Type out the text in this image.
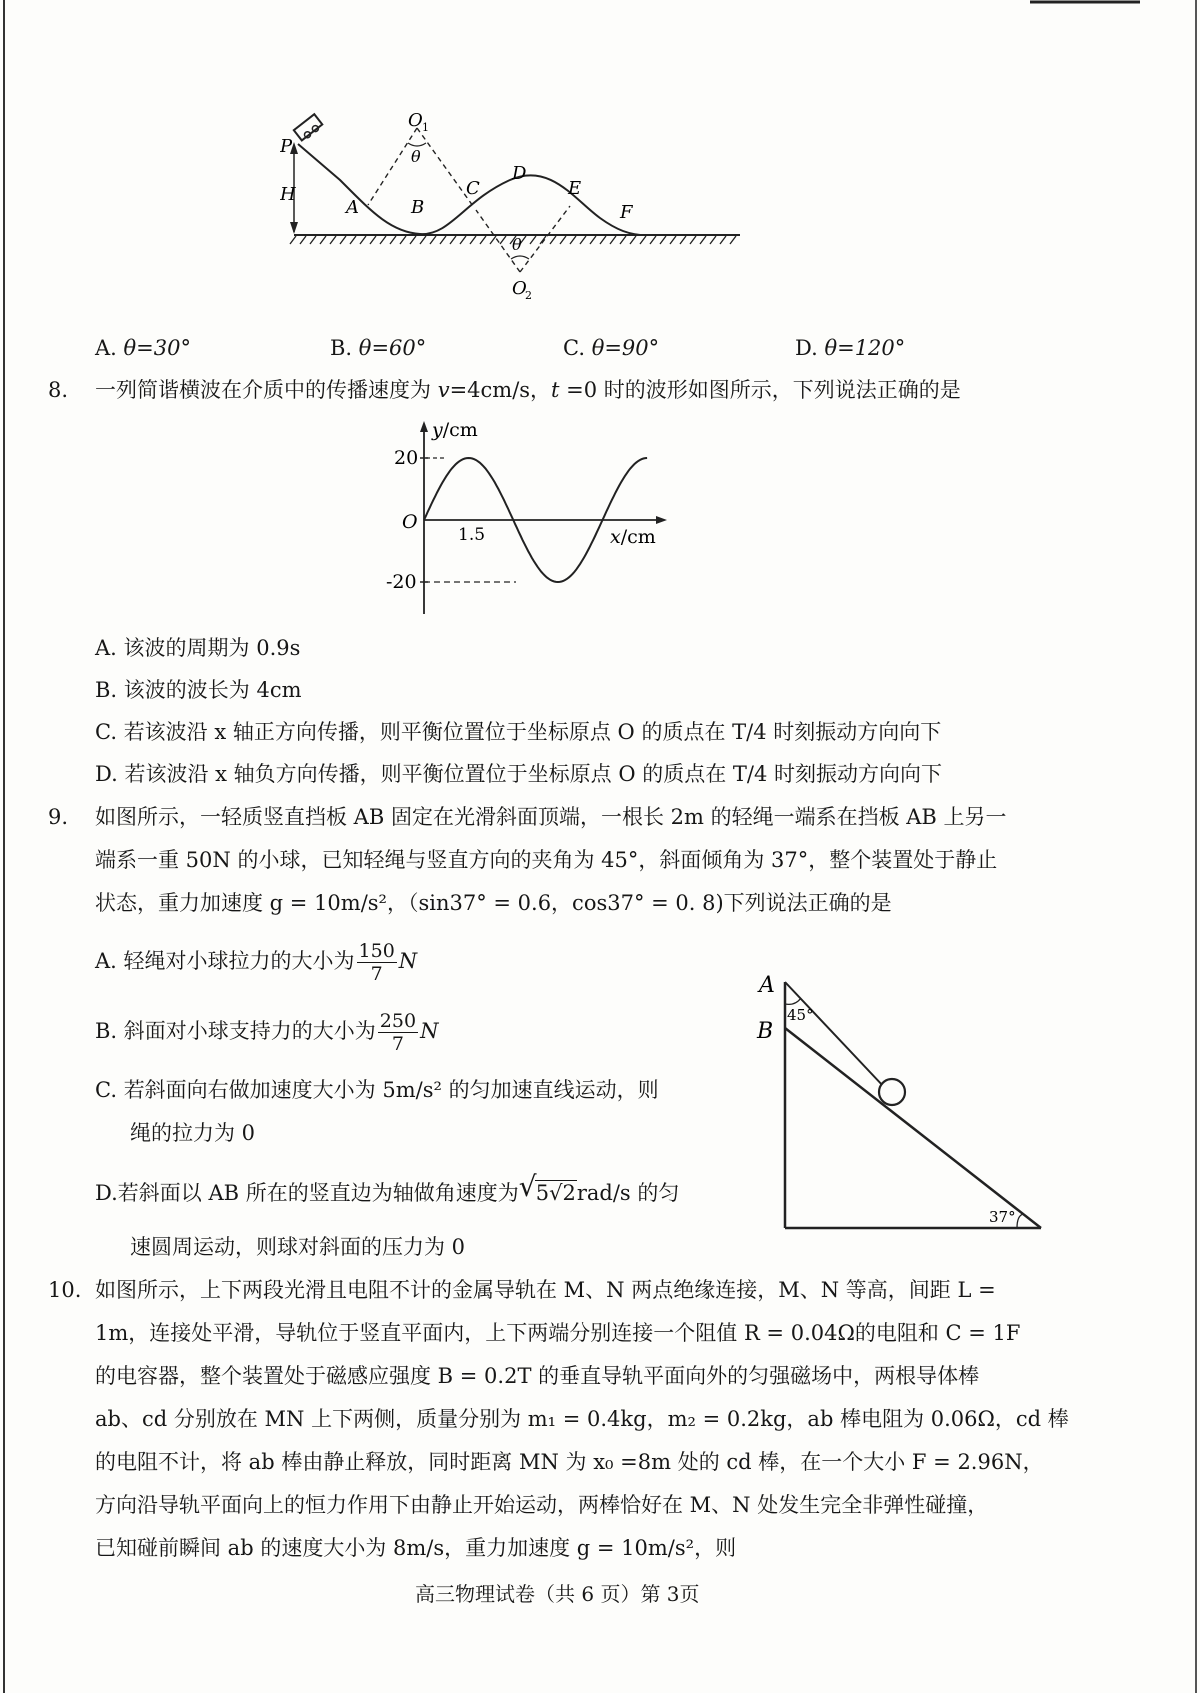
P
H
A	B
C
D
E
F
O 1
θ
θ
O
2
A. θ=30°	B. θ=60°	C. θ=90°	D. θ=120°
8. 一列简谐横波在介质中的传播速度为 v=4cm/s，t =0 时的波形如图所示，下列说法正确的是
y/cm
20
-20
O
1.5	x/cm
A. 该波的周期为 0.9s
B. 该波的波长为 4cm
C. 若该波沿 x 轴正方向传播，则平衡位置位于坐标原点 O 的质点在 T/4 时刻振动方向向下
D. 若该波沿 x 轴负方向传播，则平衡位置位于坐标原点 O 的质点在 T/4 时刻振动方向向下
9. 如图所示，一轻质竖直挡板 AB 固定在光滑斜面顶端，一根长 2m 的轻绳一端系在挡板 AB 上另一
端系一重 50N 的小球，已知轻绳与竖直方向的夹角为 45°，斜面倾角为 37°，整个装置处于静止
状态，重力加速度 g = 10m/s²，（sin37° = 0.6，cos37° = 0. 8)下列说法正确的是
A. 轻绳对小球拉力的大小为 $\frac{150}{7}$ N
B. 斜面对小球支持力的大小为 $\frac{250}{7}$ N
C. 若斜面向右做加速度大小为 5m/s² 的匀加速直线运动，则
绳的拉力为 0
D.若斜面以 AB 所在的竖直边为轴做角速度为 √ 5√2rad/s 的匀
速圆周运动，则球对斜面的压力为 0
A
B
45°
37°
10. 如图所示，上下两段光滑且电阻不计的金属导轨在 M、N 两点绝缘连接，M、N 等高，间距 L =
1m，连接处平滑，导轨位于竖直平面内，上下两端分别连接一个阻值 R = 0.04Ω的电阻和 C = 1F
的电容器，整个装置处于磁感应强度 B = 0.2T 的垂直导轨平面向外的匀强磁场中，两根导体棒
ab、cd 分别放在 MN 上下两侧，质量分别为 m₁ = 0.4kg，m₂ = 0.2kg，ab 棒电阻为 0.06Ω，cd 棒
的电阻不计，将 ab 棒由静止释放，同时距离 MN 为 x₀ =8m 处的 cd 棒，在一个大小 F = 2.96N，
方向沿导轨平面向上的恒力作用下由静止开始运动，两棒恰好在 M、N 处发生完全非弹性碰撞，
已知碰前瞬间 ab 的速度大小为 8m/s，重力加速度 g = 10m/s²，则
高三物理试卷（共 6 页）第 3页
